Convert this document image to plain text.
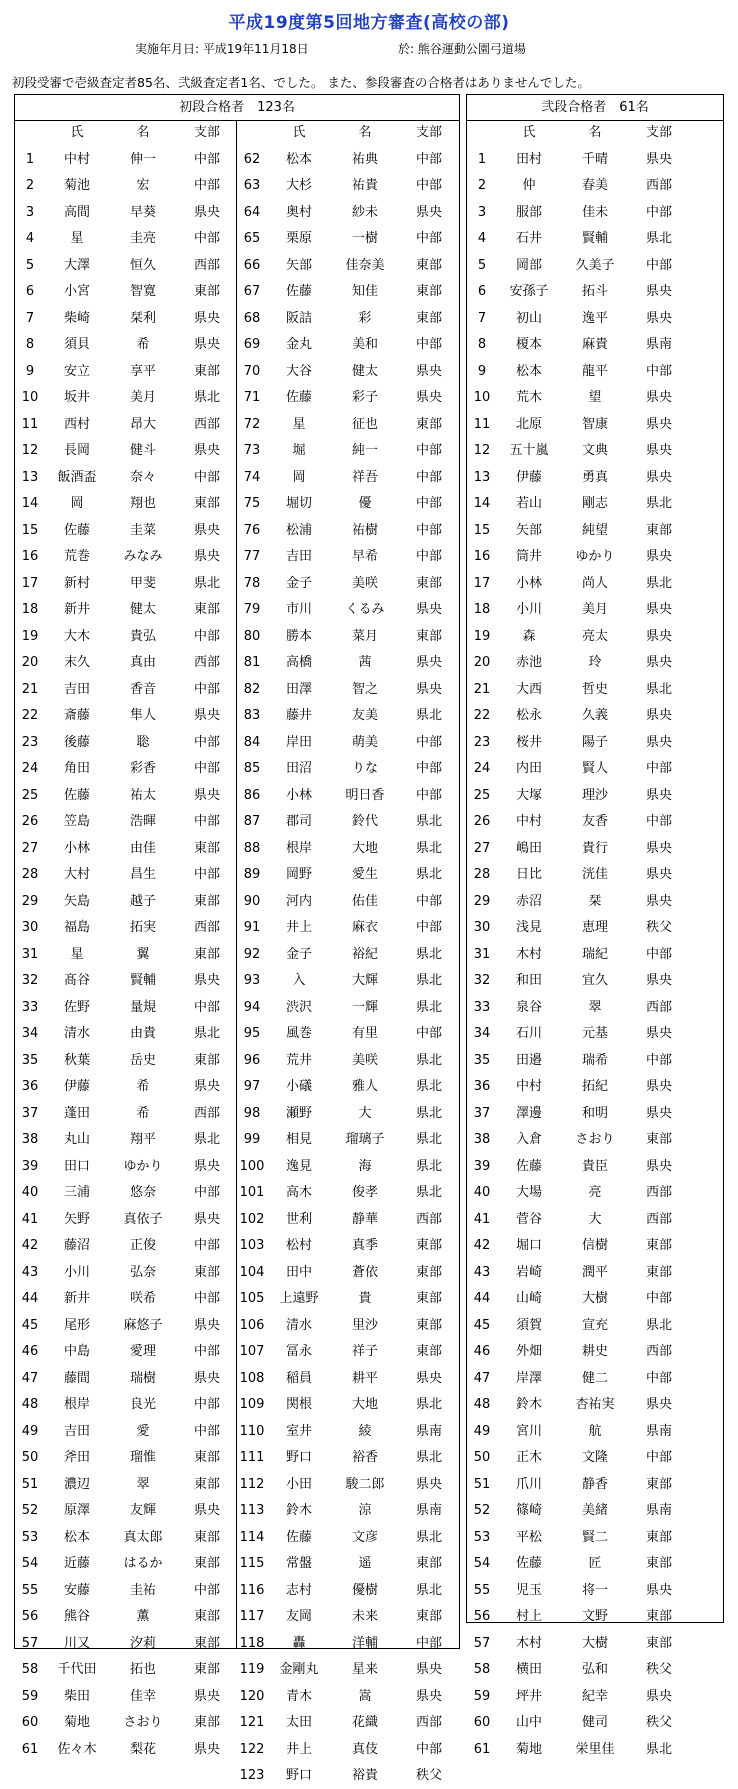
平成19度第5回地方審査(高校の部)
実施年月日: 平成19年11月18日	於: 熊谷運動公園弓道場
初段受審で壱級査定者85名、弐級査定者1名、でした。 また、参段審査の合格者はありませんでした。
初段合格者　123名
氏	名	支部
1	中村	伸一	中部
2	菊池	宏	中部
3	高間	早葵	県央
4	星	圭亮	中部
5	大澤	恒久	西部
6	小宮	智寛	東部
7	柴崎	栞利	県央
8	須貝	希	県央
9	安立	享平	東部
10	坂井	美月	県北
11	西村	昂大	西部
12	長岡	健斗	県央
13	飯酒盃	奈々	中部
14	岡	翔也	東部
15	佐藤	圭菜	県央
16	荒巻	みなみ	県央
17	新村	甲斐	県北
18	新井	健太	東部
19	大木	貴弘	中部
20	末久	真由	西部
21	吉田	香音	中部
22	斎藤	隼人	県央
23	後藤	聡	中部
24	角田	彩香	中部
25	佐藤	祐太	県央
26	笠島	浩暉	中部
27	小林	由佳	東部
28	大村	昌生	中部
29	矢島	越子	東部
30	福島	拓実	西部
31	星	翼	東部
32	髙谷	賢輔	県央
33	佐野	量規	中部
34	清水	由貴	県北
35	秋葉	岳史	東部
36	伊藤	希	県央
37	蓬田	希	西部
38	丸山	翔平	県北
39	田口	ゆかり	県央
40	三浦	悠奈	中部
41	矢野	真依子	県央
42	藤沼	正俊	中部
43	小川	弘奈	東部
44	新井	咲希	中部
45	尾形	麻悠子	県央
46	中島	愛理	中部
47	藤間	瑞樹	県央
48	根岸	良光	中部
49	吉田	愛	中部
50	斧田	瑠惟	東部
51	濃辺	翠	東部
52	原澤	友輝	県央
53	松本	真太郎	東部
54	近藤	はるか	東部
55	安藤	圭祐	中部
56	熊谷	薫	東部
57	川又	汐莉	東部
58	千代田	拓也	東部
59	柴田	佳幸	県央
60	菊地	さおり	東部
61	佐々木	梨花	県央
氏	名	支部
62	松本	祐典	中部
63	大杉	祐貴	中部
64	奥村	紗未	県央
65	栗原	一樹	中部
66	矢部	佳奈美	東部
67	佐藤	知佳	東部
68	阪詰	彩	東部
69	金丸	美和	中部
70	大谷	健太	県央
71	佐藤	彩子	県央
72	星	征也	東部
73	堀	純一	中部
74	岡	祥吾	中部
75	堀切	優	中部
76	松浦	祐樹	中部
77	吉田	早希	中部
78	金子	美咲	東部
79	市川	くるみ	県央
80	勝本	菜月	東部
81	高橋	茜	県央
82	田澤	智之	県央
83	藤井	友美	県北
84	岸田	萌美	中部
85	田沼	りな	中部
86	小林	明日香	中部
87	郡司	鈴代	県北
88	根岸	大地	県北
89	岡野	愛生	県北
90	河内	佑佳	中部
91	井上	麻衣	中部
92	金子	裕紀	県北
93	入	大輝	県北
94	渋沢	一輝	県北
95	風巻	有里	中部
96	荒井	美咲	県北
97	小礒	雅人	県北
98	瀬野	大	県北
99	相見	瑠璃子	県北
100	逸見	海	県北
101	高木	俊孝	県北
102	世利	静華	西部
103	松村	真季	東部
104	田中	蒼依	東部
105	上遠野	貴	東部
106	清水	里沙	東部
107	冨永	祥子	東部
108	稲員	耕平	県央
109	関根	大地	県北
110	室井	綾	県南
111	野口	裕香	県北
112	小田	駿二郎	県央
113	鈴木	涼	県南
114	佐藤	文彦	県北
115	常盤	遥	東部
116	志村	優樹	県北
117	友岡	未来	東部
118	轟	洋輔	中部
119	金剛丸	星来	県央
120	青木	嵩	県央
121	太田	花織	西部
122	井上	真伎	中部
123	野口	裕貴	秩父
弐段合格者　61名
氏	名	支部
1	田村	千晴	県央
2	仲	春美	西部
3	服部	佳未	中部
4	石井	賢輔	県北
5	岡部	久美子	中部
6	安孫子	拓斗	県央
7	初山	逸平	県央
8	榎本	麻貴	県南
9	松本	龍平	中部
10	荒木	望	県央
11	北原	智康	県央
12	五十嵐	文典	県央
13	伊藤	勇真	県央
14	若山	剛志	県北
15	矢部	純望	東部
16	筒井	ゆかり	県央
17	小林	尚人	県北
18	小川	美月	県央
19	森	亮太	県央
20	赤池	玲	県央
21	大西	哲史	県北
22	松永	久義	県央
23	桜井	陽子	県央
24	内田	賢人	中部
25	大塚	理沙	県央
26	中村	友香	中部
27	嶋田	貴行	県央
28	日比	洸佳	県央
29	赤沼	栞	県央
30	浅見	恵理	秩父
31	木村	瑞紀	中部
32	和田	宜久	県央
33	泉谷	翠	西部
34	石川	元基	県央
35	田邉	瑞希	中部
36	中村	拓紀	県央
37	澤邊	和明	県央
38	入倉	さおり	東部
39	佐藤	貴臣	県央
40	大場	亮	西部
41	菅谷	大	西部
42	堀口	信樹	東部
43	岩崎	潤平	東部
44	山崎	大樹	中部
45	須賀	宣充	県北
46	外畑	耕史	西部
47	岸澤	健二	中部
48	鈴木	杏祐実	県央
49	宮川	航	県南
50	正木	文隆	中部
51	爪川	静香	東部
52	篠崎	美緒	県南
53	平松	賢二	東部
54	佐藤	匠	東部
55	児玉	将一	県央
56	村上	文野	東部
57	木村	大樹	東部
58	横田	弘和	秩父
59	坪井	紀幸	県央
60	山中	健司	秩父
61	菊地	栄里佳	県北
